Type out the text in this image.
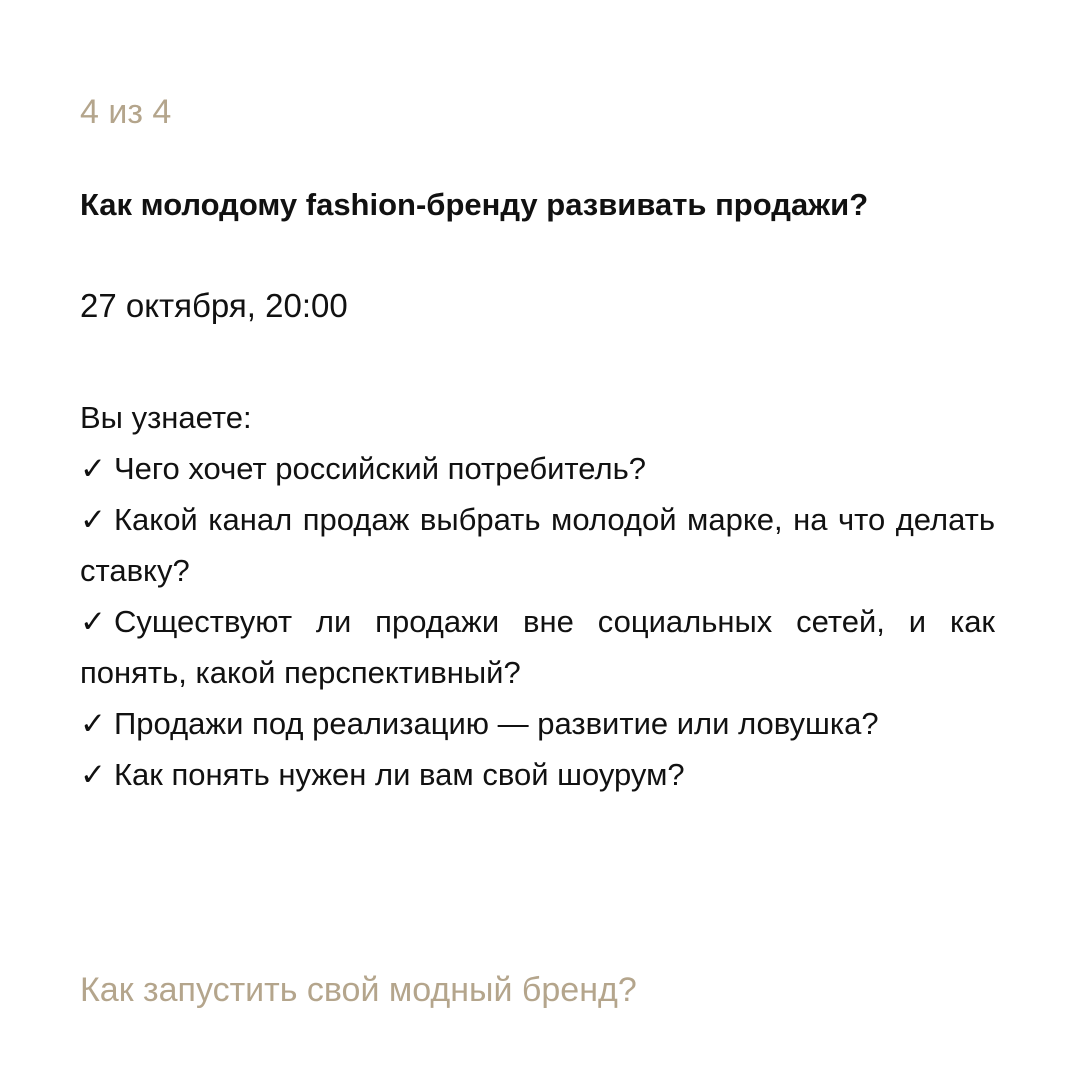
4 из 4
Как молодому fashion-бренду развивать продажи?
27 октября, 20:00
Вы узнаете:
✓ Чего хочет российский потребитель?
✓ Какой канал продаж выбрать молодой марке, на что делать ставку?
✓ Существуют ли продажи вне социальных сетей, и как понять, какой перспективный?
✓ Продажи под реализацию — развитие или ловушка?
✓ Как понять нужен ли вам свой шоурум?
Как запустить свой модный бренд?
